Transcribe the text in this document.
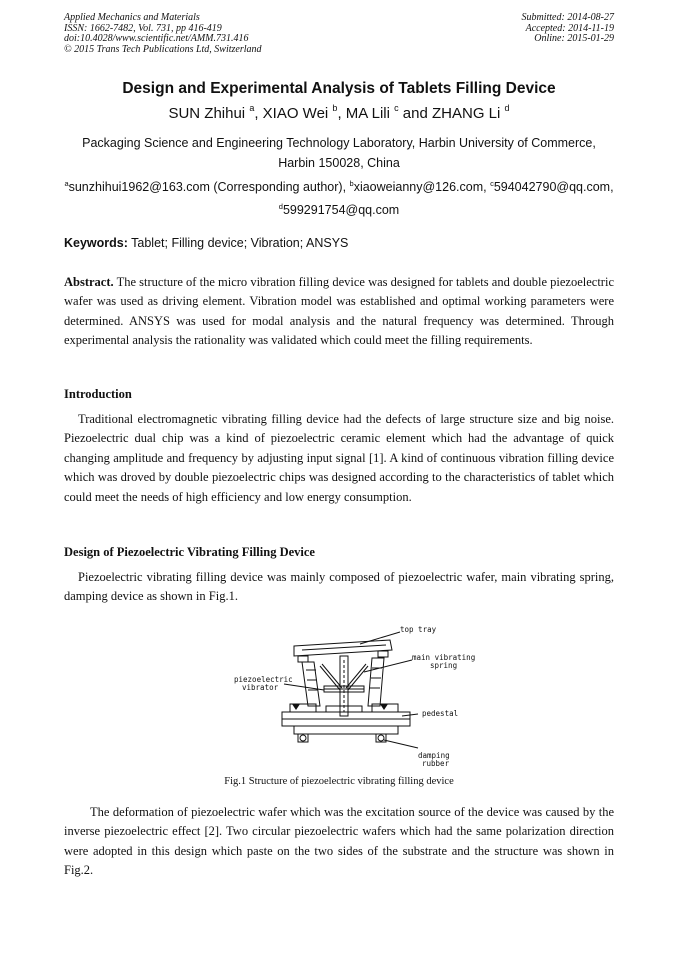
Applied Mechanics and Materials
ISSN: 1662-7482, Vol. 731, pp 416-419
doi:10.4028/www.scientific.net/AMM.731.416
© 2015 Trans Tech Publications Ltd, Switzerland
Submitted: 2014-08-27
Accepted: 2014-11-19
Online: 2015-01-29
Design and Experimental Analysis of Tablets Filling Device
SUN Zhihui $^a$, XIAO Wei $^b$, MA Lili $^c$ and ZHANG Li $^d$
Packaging Science and Engineering Technology Laboratory, Harbin University of Commerce,
Harbin 150028, China
$^a$sunzhihui1962@163.com (Corresponding author), $^b$xiaoweianny@126.com, $^c$594042790@qq.com,
$^d$599291754@qq.com
Keywords: Tablet; Filling device; Vibration; ANSYS
Abstract. The structure of the micro vibration filling device was designed for tablets and double piezoelectric wafer was used as driving element. Vibration model was established and optimal working parameters were determined. ANSYS was used for modal analysis and the natural frequency was determined. Through experimental analysis the rationality was validated which could meet the filling requirements.
Introduction
Traditional electromagnetic vibrating filling device had the defects of large structure size and big noise. Piezoelectric dual chip was a kind of piezoelectric ceramic element which had the advantage of quick changing amplitude and frequency by adjusting input signal [1]. A kind of continuous vibration filling device which was droved by double piezoelectric chips was designed according to the characteristics of tablet which could meet the needs of high efficiency and low energy consumption.
Design of Piezoelectric Vibrating Filling Device
Piezoelectric vibrating filling device was mainly composed of piezoelectric wafer, main vibrating spring, damping device as shown in Fig.1.
top tray
main vibrating
spring
piezoelectric
vibrator
pedestal
damping
rubber
Fig.1 Structure of piezoelectric vibrating filling device
The deformation of piezoelectric wafer which was the excitation source of the device was caused by the inverse piezoelectric effect [2]. Two circular piezoelectric wafers which had the same polarization direction were adopted in this design which paste on the two sides of the substrate and the structure was shown in Fig.2.
